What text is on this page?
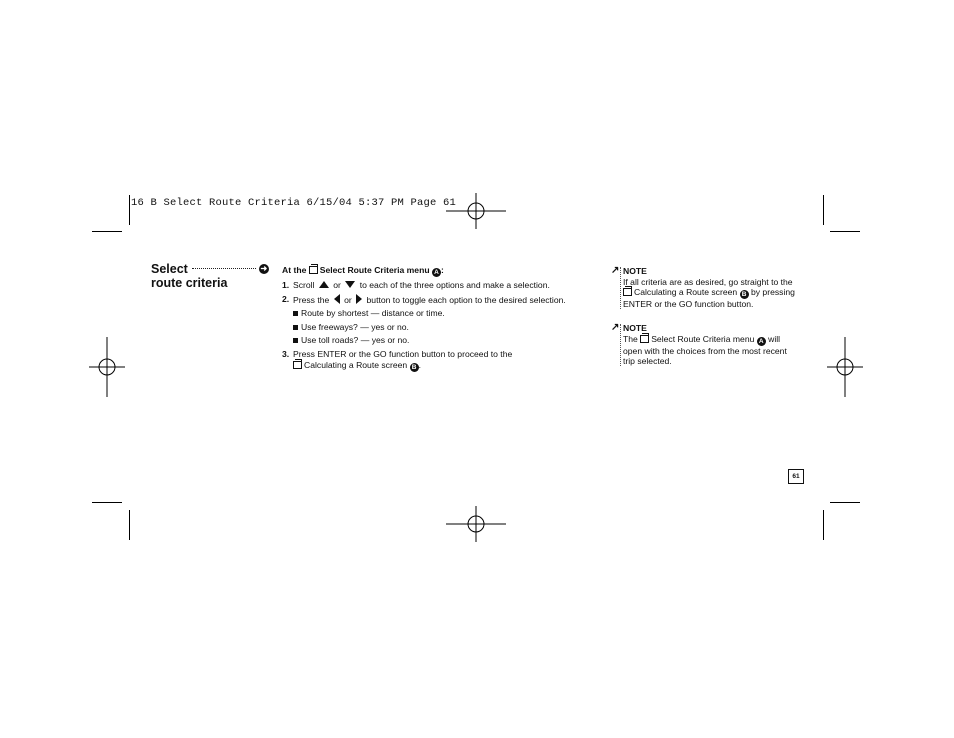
16 B Select Route Criteria 6/15/04 5:37 PM Page 61
Select	➜
route criteria
At the Select Route Criteria menu A :
1. Scroll or to each of the three options and make a selection.
2. Press the or button to toggle each option to the desired selection.
Route by shortest — distance or time.
Use freeways? — yes or no.
Use toll roads? — yes or no.
3. Press ENTER or the GO function button to proceed to the
Calculating a Route screen B .
↗ NOTE
If all criteria are as desired, go straight to the
Calculating a Route screen B by pressing
ENTER or the GO function button.
↗ NOTE
The Select Route Criteria menu A will
open with the choices from the most recent
trip selected.
61
